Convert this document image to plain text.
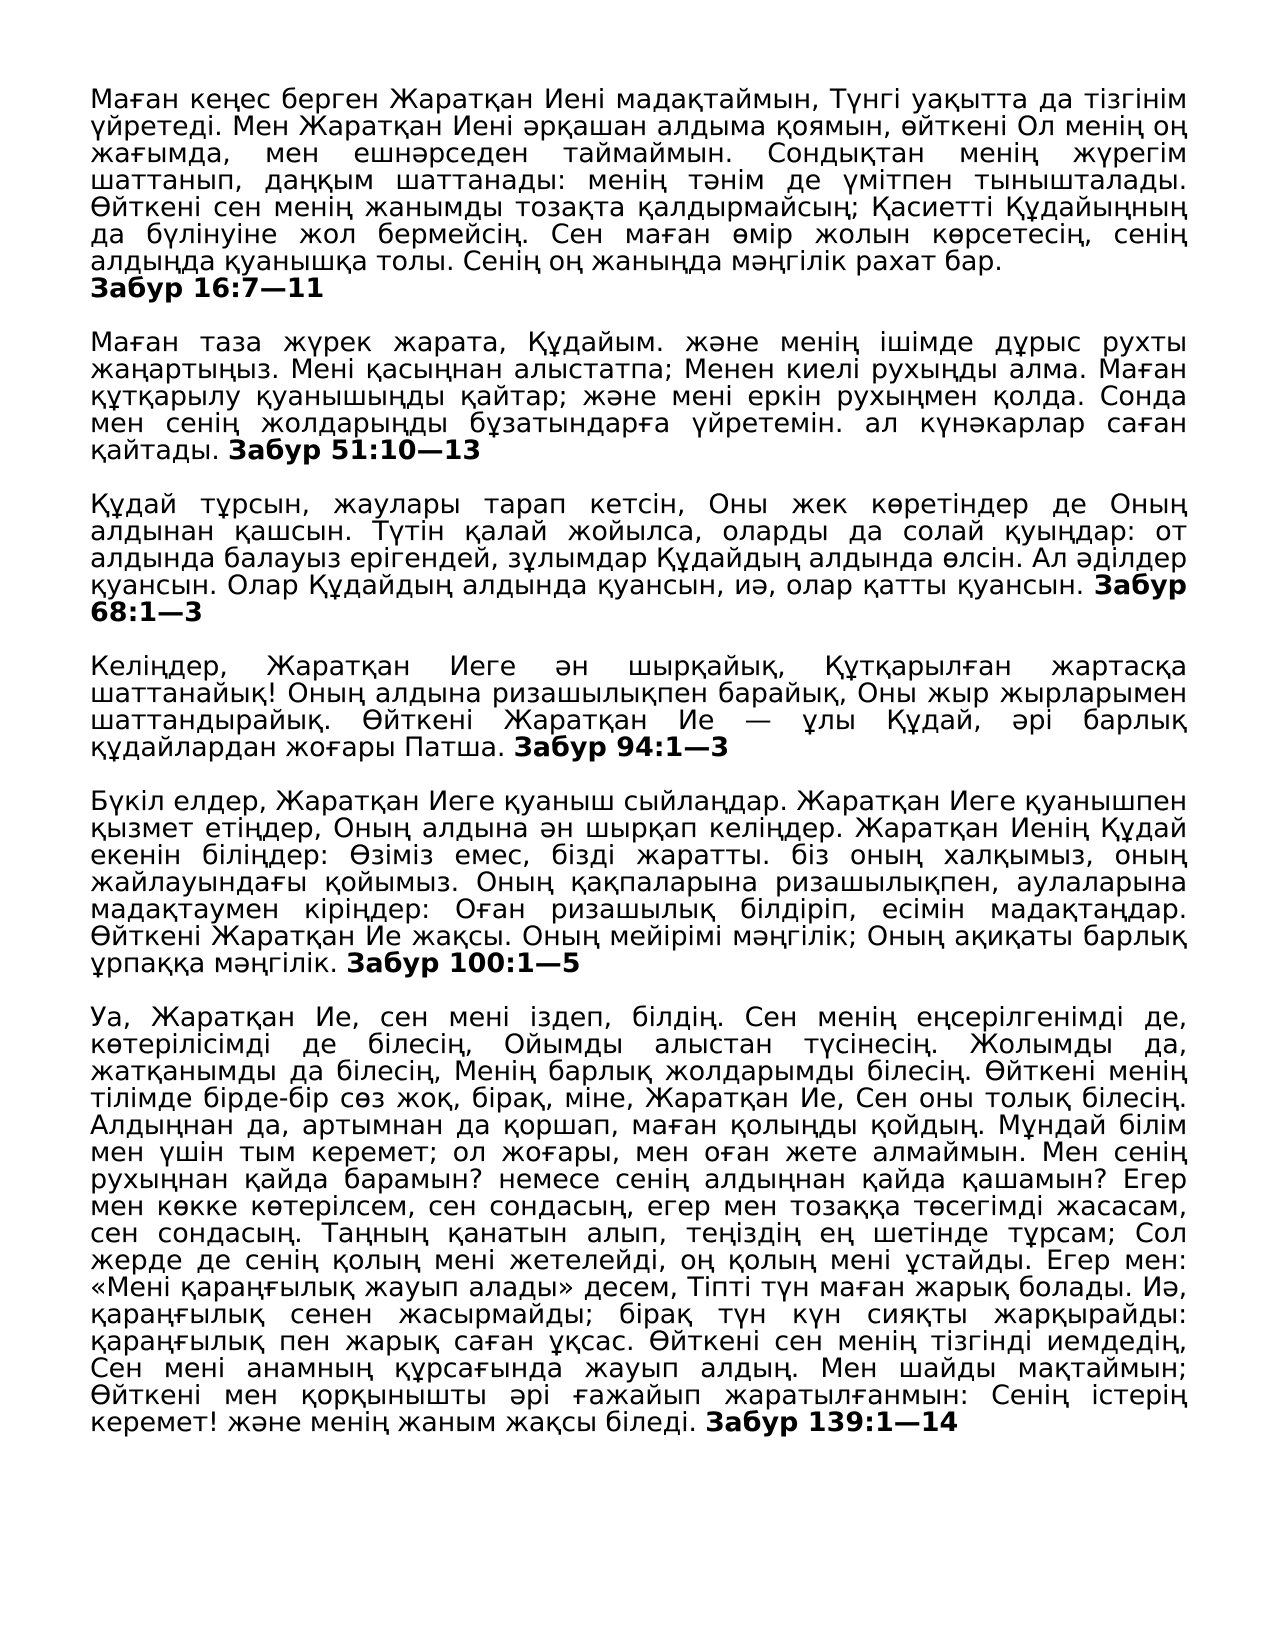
Маған кеңес берген Жаратқан Иені мадақтаймын, Түнгі уақытта да тізгінім үйретеді. Мен Жаратқан Иені әрқашан алдыма қоямын, өйткені Ол менің оң жағымда, мен ешнәрседен таймаймын. Сондықтан менің жүрегім шаттанып, даңқым шаттанады: менің тәнім де үмітпен тынышталады. Өйткені сен менің жанымды тозақта қалдырмайсың; Қасиетті Құдайыңның да бүлінуіне жол бермейсің. Сен маған өмір жолын көрсетесің, сенің алдыңда қуанышқа толы. Сенің оң жаныңда мәңгілік рахат бар.
Забур 16:7—11

Маған таза жүрек жарата, Құдайым. және менің ішімде дұрыс рухты жаңартыңыз. Мені қасыңнан алыстатпа; Менен киелі рухыңды алма. Маған құтқарылу қуанышыңды қайтар; және мені еркін рухыңмен қолда. Сонда мен сенің жолдарыңды бұзатындарға үйретемін. ал күнәкарлар саған қайтады. Забур 51:10—13

Құдай тұрсын, жаулары тарап кетсін, Оны жек көретіндер де Оның алдынан қашсын. Түтін қалай жойылса, оларды да солай қуыңдар: от алдында балауыз ерігендей, зұлымдар Құдайдың алдында өлсін. Ал әділдер қуансын. Олар Құдайдың алдында қуансын, иә, олар қатты қуансын. Забур 68:1—3

Келіңдер, Жаратқан Иеге ән шырқайық, Құтқарылған жартасқа шаттанайық! Оның алдына ризашылықпен барайық, Оны жыр жырларымен шаттандырайық. Өйткені Жаратқан Ие — ұлы Құдай, әрі барлық құдайлардан жоғары Патша. Забур 94:1—3

Бүкіл елдер, Жаратқан Иеге қуаныш сыйлаңдар. Жаратқан Иеге қуанышпен қызмет етіңдер, Оның алдына ән шырқап келіңдер. Жаратқан Иенің Құдай екенін біліңдер: Өзіміз емес, бізді жаратты. біз оның халқымыз, оның жайлауындағы қойымыз. Оның қақпаларына ризашылықпен, аулаларына мадақтаумен кіріңдер: Оған ризашылық білдіріп, есімін мадақтаңдар. Өйткені Жаратқан Ие жақсы. Оның мейірімі мәңгілік; Оның ақиқаты барлық ұрпаққа мәңгілік. Забур 100:1—5

Уа, Жаратқан Ие, сен мені іздеп, білдің. Сен менің еңсерілгенімді де, көтерілісімді де білесің, Ойымды алыстан түсінесің. Жолымды да, жатқанымды да білесің, Менің барлық жолдарымды білесің. Өйткені менің тілімде бірде-бір сөз жоқ, бірақ, міне, Жаратқан Ие, Сен оны толық білесің. Алдыңнан да, артымнан да қоршап, маған қолыңды қойдың. Мұндай білім мен үшін тым керемет; ол жоғары, мен оған жете алмаймын. Мен сенің рухыңнан қайда барамын? немесе сенің алдыңнан қайда қашамын? Егер мен көкке көтерілсем, сен сондасың, егер мен тозаққа төсегімді жасасам, сен сондасың. Таңның қанатын алып, теңіздің ең шетінде тұрсам; Сол жерде де сенің қолың мені жетелейді, оң қолың мені ұстайды. Егер мен: «Мені қараңғылық жауып алады» десем, Тіпті түн маған жарық болады. Иә, қараңғылық сенен жасырмайды; бірақ түн күн сияқты жарқырайды: қараңғылық пен жарық саған ұқсас. Өйткені сен менің тізгінді иемдедің, Сен мені анамның құрсағында жауып алдың. Мен шайды мақтаймын; Өйткені мен қорқынышты әрі ғажайып жаратылғанмын: Сенің істерің керемет! және менің жаным жақсы біледі. Забур 139:1—14
